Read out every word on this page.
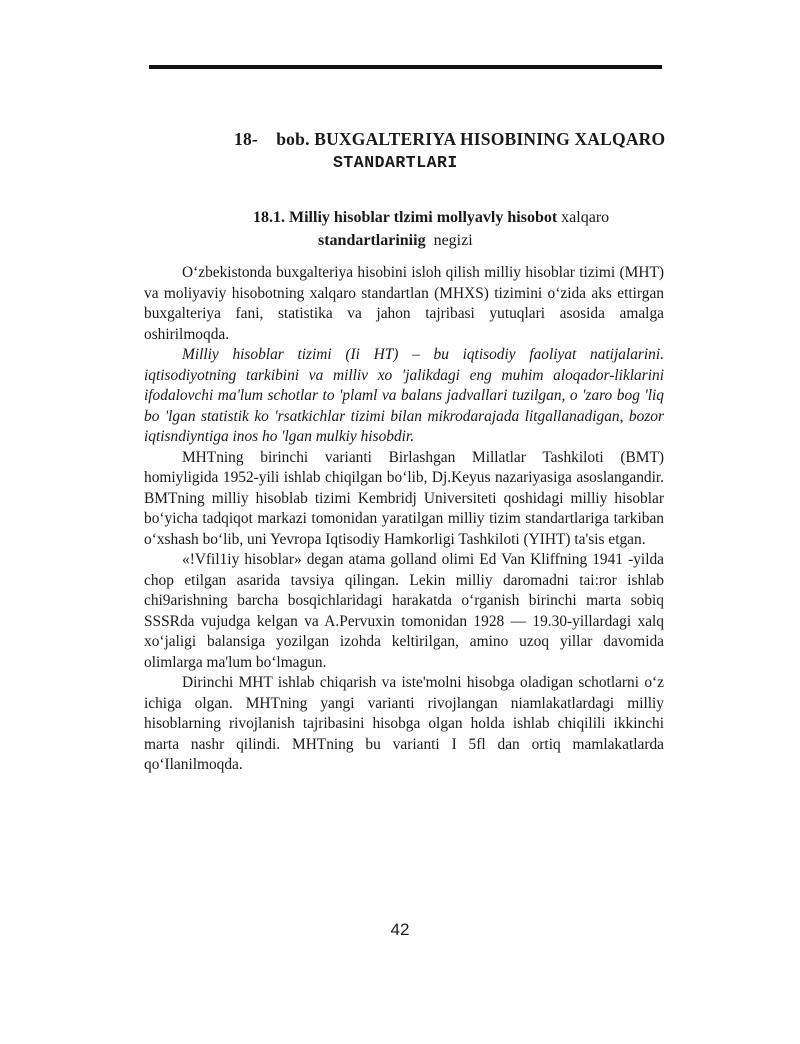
18- bob. BUXGALTERIYA HISOBINING XALQARO
STANDARTLARI
18.1. Milliy hisoblar tlzimi mollyavly hisobot xalqaro
standartlariniig negizi

O‘zbekistonda buxgalteriya hisobini isloh qilish milliy hisoblar tizimi (MHT) va moliyaviy hisobotning xalqaro standartlan (MHXS) tizimini o‘zida aks ettirgan buxgalteriya fani, statistika va jahon tajribasi yutuqlari asosida amalga oshirilmoqda.

Milliy hisoblar tizimi (Ii HT) – bu iqtisodiy faoliyat natijalarini. iqtisodiyotning tarkibini va milliv xo 'jalikdagi eng muhim aloqador-liklarini ifodalovchi ma'lum schotlar to 'plaml va balans jadvallari tuzilgan, o 'zaro bog 'liq bo 'lgan statistik ko 'rsatkichlar tizimi bilan mikrodarajada litgallanadigan, bozor iqtisndiyntiga inos ho 'lgan mulkiy hisobdir.

MHTning birinchi varianti Birlashgan Millatlar Tashkiloti (BMT) homiyligida 1952-yili ishlab chiqilgan bo‘lib, Dj.Keyus nazariyasiga asoslangandir. BMTning milliy hisoblab tizimi Kembridj Universiteti qoshidagi milliy hisoblar bo‘yicha tadqiqot markazi tomonidan yaratilgan milliy tizim standartlariga tarkiban o‘xshash bo‘lib, uni Yevropa Iqtisodiy Hamkorligi Tashkiloti (YIHT) ta'sis etgan.

«!Vfil1iy hisoblar» degan atama golland olimi Ed Van Kliffning 1941 -yilda chop etilgan asarida tavsiya qilingan. Lekin milliy daromadni tai:ror ishlab chi9arishning barcha bosqichlaridagi harakatda o‘rganish birinchi marta sobiq SSSRda vujudga kelgan va A.Pervuxin tomonidan 1928 — 19.30-yillardagi xalq xo‘jaligi balansiga yozilgan izohda keltirilgan, amino uzoq yillar davomida olimlarga ma'lum bo‘lmagun.

Dirinchi MHT ishlab chiqarish va iste'molni hisobga oladigan schotlarni o‘z ichiga olgan. MHTning yangi varianti rivojlangan niamlakatlardagi milliy hisoblarning rivojlanish tajribasini hisobga olgan holda ishlab chiqilili ikkinchi marta nashr qilindi. MHTning bu varianti I 5fl dan ortiq mamlakatlarda qo‘Ilanilmoqda.

42
